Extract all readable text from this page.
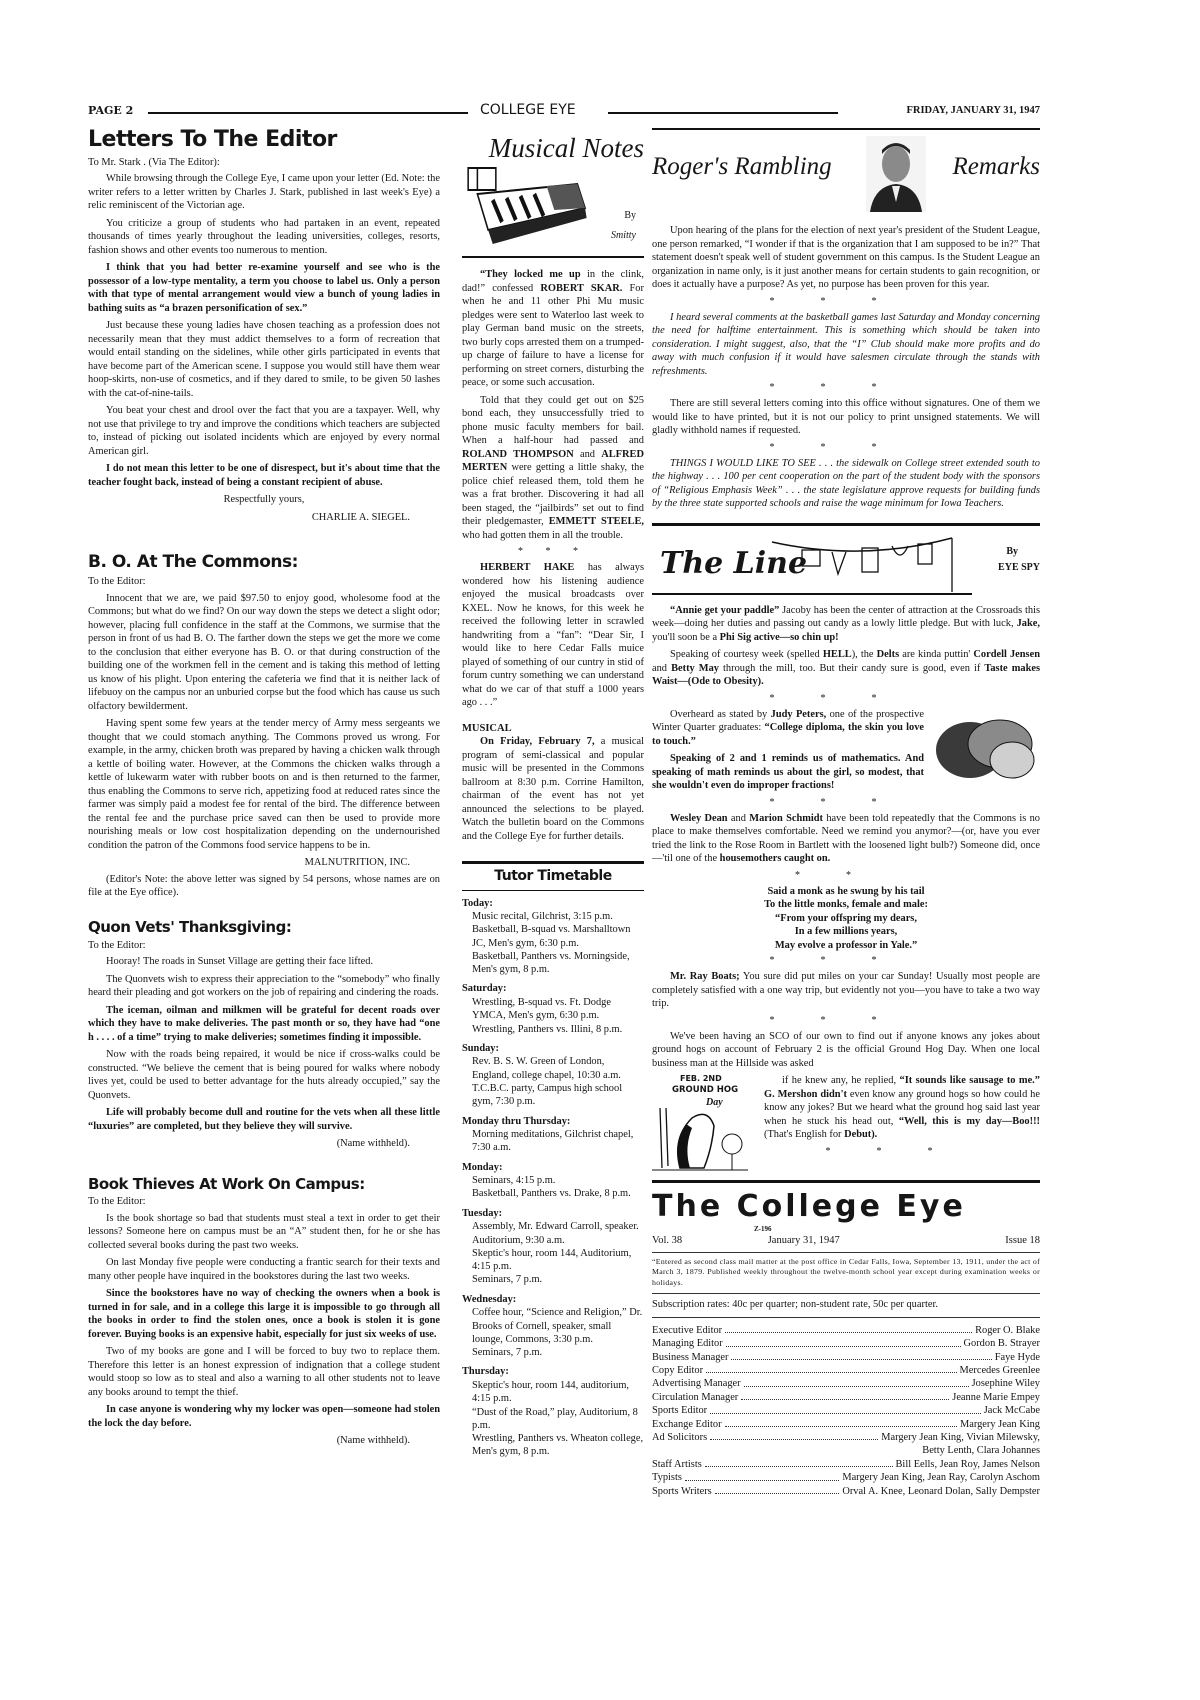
PAGE 2	COLLEGE EYE	FRIDAY, JANUARY 31, 1947
Letters To The Editor
To Mr. Stark . (Via The Editor):

While browsing through the College Eye, I came upon your letter (Ed. Note: the writer refers to a letter written by Charles J. Stark, published in last week's Eye) a relic reminiscent of the Victorian age.

You criticize a group of students who had partaken in an event, repeated thousands of times yearly throughout the leading universities, colleges, resorts, fashion shows and other events too numerous to mention.

I think that you had better re-examine yourself and see who is the possessor of a low-type mentality, a term you choose to label us. Only a person with that type of mental arrangement would view a bunch of young ladies in bathing suits as “a brazen personification of sex.”

Just because these young ladies have chosen teaching as a profession does not necessarily mean that they must addict themselves to a form of recreation that would entail standing on the sidelines, while other girls participated in events that have become part of the American scene. I suppose you would still have them wear hoop-skirts, non-use of cosmetics, and if they dared to smile, to be given 50 lashes with the cat-of-nine-tails.

You beat your chest and drool over the fact that you are a taxpayer. Well, why not use that privilege to try and improve the conditions which teachers are subjected to, instead of picking out isolated incidents which are enjoyed by every normal American girl.

I do not mean this letter to be one of disrespect, but it's about time that the teacher fought back, instead of being a constant recipient of abuse.

Respectfully yours,
CHARLIE A. SIEGEL.
B. O. At The Commons:
To the Editor:

Innocent that we are, we paid $97.50 to enjoy good, wholesome food at the Commons; but what do we find? On our way down the steps we detect a slight odor; however, placing full confidence in the staff at the Commons, we surmise that the person in front of us had B. O. The farther down the steps we get the more we come to the conclusion that either everyone has B. O. or that during construction of the building one of the workmen fell in the cement and is taking this method of letting us know of his plight. Upon entering the cafeteria we find that it is neither lack of lifebuoy on the campus nor an unburied corpse but the food which has cause us such olfactory bewilderment.

Having spent some few years at the tender mercy of Army mess sergeants we thought that we could stomach anything. The Commons proved us wrong. For example, in the army, chicken broth was prepared by having a chicken walk through a kettle of boiling water. However, at the Commons the chicken walks through a kettle of lukewarm water with rubber boots on and is then returned to the farmer, thus enabling the Commons to serve rich, appetizing food at reduced rates since the farmer was simply paid a modest fee for rental of the bird. The difference between the rental fee and the purchase price saved can then be used to provide more nourishing meals or low cost hospitalization depending on the undernourished condition the patron of the Commons food service happens to be in.

MALNUTRITION, INC.

(Editor's Note: the above letter was signed by 54 persons, whose names are on file at the Eye office).

Quon Vets' Thanksgiving:
To the Editor:

Hooray! The roads in Sunset Village are getting their face lifted.

The Quonvets wish to express their appreciation to the “somebody” who finally heard their pleading and got workers on the job of repairing and cindering the roads.

The iceman, oilman and milkmen will be grateful for decent roads over which they have to make deliveries. The past month or so, they have had “one h . . . . of a time” trying to make deliveries; sometimes finding it impossible.

Now with the roads being repaired, it would be nice if cross-walks could be constructed. “We believe the cement that is being poured for walks where nobody lives yet, could be used to better advantage for the huts already occupied,” say the Quonvets.

Life will probably become dull and routine for the vets when all these little “luxuries” are completed, but they believe they will survive.

(Name withheld).
Book Thieves At Work On Campus:
To the Editor:

Is the book shortage so bad that students must steal a text in order to get their lessons? Someone here on campus must be an “A” student then, for he or she has collected several books during the past two weeks.

On last Monday five people were conducting a frantic search for their texts and many other people have inquired in the bookstores during the last two weeks.

Since the bookstores have no way of checking the owners when a book is turned in for sale, and in a college this large it is impossible to go through all the books in order to find the stolen ones, once a book is stolen it is gone forever. Buying books is an expensive habit, especially for just six weeks of use.

Two of my books are gone and I will be forced to buy two to replace them. Therefore this letter is an honest expression of indignation that a college student would stoop so low as to steal and also a warning to all other students not to leave any books around to tempt the thief.

In case anyone is wondering why my locker was open—someone had stolen the lock the day before.

(Name withheld).
Musical Notes
By
Smitty

“They locked me up in the clink, dad!” confessed ROBERT SKAR. For when he and 11 other Phi Mu music pledges were sent to Waterloo last week to play German band music on the streets, two burly cops arrested them on a trumped-up charge of failure to have a license for performing on street corners, disturbing the peace, or some such accusation.

Told that they could get out on $25 bond each, they unsuccessfully tried to phone music faculty members for bail. When a half-hour had passed and ROLAND THOMPSON and ALFRED MERTEN were getting a little shaky, the police chief released them, told them he was a frat brother. Discovering it had all been staged, the “jailbirds” set out to find their pledgemaster, EMMETT STEELE, who had gotten them in all the trouble.

* * *

HERBERT HAKE has always wondered how his listening audience enjoyed the musical broadcasts over KXEL. Now he knows, for this week he received the following letter in scrawled handwriting from a “fan”: “Dear Sir, I would like to here Cedar Falls muice played of something of our cuntry in stid of forum cuntry something we can understand what do we car of that stuff a 1000 years ago . . .”

MUSICAL

On Friday, February 7, a musical program of semi-classical and popular music will be presented in the Commons ballroom at 8:30 p.m. Corrine Hamilton, chairman of the event has not yet announced the selections to be played. Watch the bulletin board on the Commons and the College Eye for further details.

Tutor Timetable
Today:
Music recital, Gilchrist, 3:15 p.m.
Basketball, B-squad vs. Marshalltown JC, Men's gym, 6:30 p.m.
Basketball, Panthers vs. Morningside, Men's gym, 8 p.m.
Saturday:
Wrestling, B-squad vs. Ft. Dodge YMCA, Men's gym, 6:30 p.m.
Wrestling, Panthers vs. Illini, 8 p.m.
Sunday:
Rev. B. S. W. Green of London, England, college chapel, 10:30 a.m.
T.C.B.C. party, Campus high school gym, 7:30 p.m.
Monday thru Thursday:
Morning meditations, Gilchrist chapel, 7:30 a.m.
Monday:
Seminars, 4:15 p.m.
Basketball, Panthers vs. Drake, 8 p.m.
Tuesday:
Assembly, Mr. Edward Carroll, speaker. Auditorium, 9:30 a.m.
Skeptic's hour, room 144, Auditorium, 4:15 p.m.
Seminars, 7 p.m.
Wednesday:
Coffee hour, “Science and Religion,” Dr. Brooks of Cornell, speaker, small lounge, Commons, 3:30 p.m.
Seminars, 7 p.m.
Thursday:
Skeptic's hour, room 144, auditorium, 4:15 p.m.
“Dust of the Road,” play, Auditorium, 8 p.m.
Wrestling, Panthers vs. Wheaton college, Men's gym, 8 p.m.
Roger's Rambling	Remarks

Upon hearing of the plans for the election of next year's president of the Student League, one person remarked, “I wonder if that is the organization that I am supposed to be in?” That statement doesn't speak well of student government on this campus. Is the Student League an organization in name only, is it just another means for certain students to gain recognition, or does it actually have a purpose? As yet, no purpose has been proven for this year.

***

I heard several comments at the basketball games last Saturday and Monday concerning the need for halftime entertainment. This is something which should be taken into consideration. I might suggest, also, that the “I” Club should make more profits and do away with much confusion if it would have salesmen circulate through the stands with refreshments.

***

There are still several letters coming into this office without signatures. One of them we would like to have printed, but it is not our policy to print unsigned statements. We will gladly withhold names if requested.

***

THINGS I WOULD LIKE TO SEE . . . the sidewalk on College street extended south to the highway . . . 100 per cent cooperation on the part of the student body with the sponsors of “Religious Emphasis Week” . . . the state legislature approve requests for building funds by the three state supported schools and raise the wage minimum for Iowa Teachers.

The Line	By
EYE SPY

“Annie get your paddle” Jacoby has been the center of attraction at the Crossroads this week—doing her duties and passing out candy as a lowly little pledge. But with luck, Jake, you'll soon be a Phi Sig active—so chin up!

Speaking of courtesy week (spelled HELL), the Delts are kinda puttin' Cordell Jensen and Betty May through the mill, too. But their candy sure is good, even if Taste makes Waist—(Ode to Obesity).

***

Overheard as stated by Judy Peters, one of the prospective Winter Quarter graduates: “College diploma, the skin you love to touch.”

Speaking of 2 and 1 reminds us of mathematics. And speaking of math reminds us about the girl, so modest, that she wouldn't even do improper fractions!

***

Wesley Dean and Marion Schmidt have been told repeatedly that the Commons is no place to make themselves comfortable. Need we remind you anymor?—(or, have you ever tried the link to the Rose Room in Bartlett with the loosened light bulb?) Someone did, once—'til one of the housemothers caught on.

**
Said a monk as he swung by his tail
To the little monks, female and male:
“From your offspring my dears,
In a few millions years,
May evolve a professor in Yale.”
***

Mr. Ray Boats; You sure did put miles on your car Sunday! Usually most people are completely satisfied with a one way trip, but evidently not you—you have to take a two way trip.

***

We've been having an SCO of our own to find out if anyone knows any jokes about ground hogs on account of February 2 is the official Ground Hog Day. When one local business man at the Hillside was asked

FEB. 2ND
GROUND HOG
Day

if he knew any, he replied, “It sounds like sausage to me.” G. Mershon didn't even know any ground hogs so how could he know any jokes? But we heard what the ground hog said last year when he stuck his head out, “Well, this is my day—Boo!!! (That's English for Debut).

***
The College Eye
Z-196
Vol. 38	January 31, 1947	Issue 18
“Entered as second class mail matter at the post office in Cedar Falls, Iowa, September 13, 1911, under the act of March 3, 1879. Published weekly throughout the twelve-month school year except during examination weeks or holidays.
Subscription rates: 40c per quarter; non-student rate, 50c per quarter.
Executive Editor	Roger O. Blake
Managing Editor	Gordon B. Strayer
Business Manager	Faye Hyde
Copy Editor	Mercedes Greenlee
Advertising Manager	Josephine Wiley
Circulation Manager	Jeanne Marie Empey
Sports Editor	Jack McCabe
Exchange Editor	Margery Jean King
Ad Solicitors	Margery Jean King, Vivian Milewsky,
Betty Lenth, Clara Johannes
Staff Artists	Bill Eells, Jean Roy, James Nelson
Typists	Margery Jean King, Jean Ray, Carolyn Aschom
Sports Writers	Orval A. Knee, Leonard Dolan, Sally Dempster
